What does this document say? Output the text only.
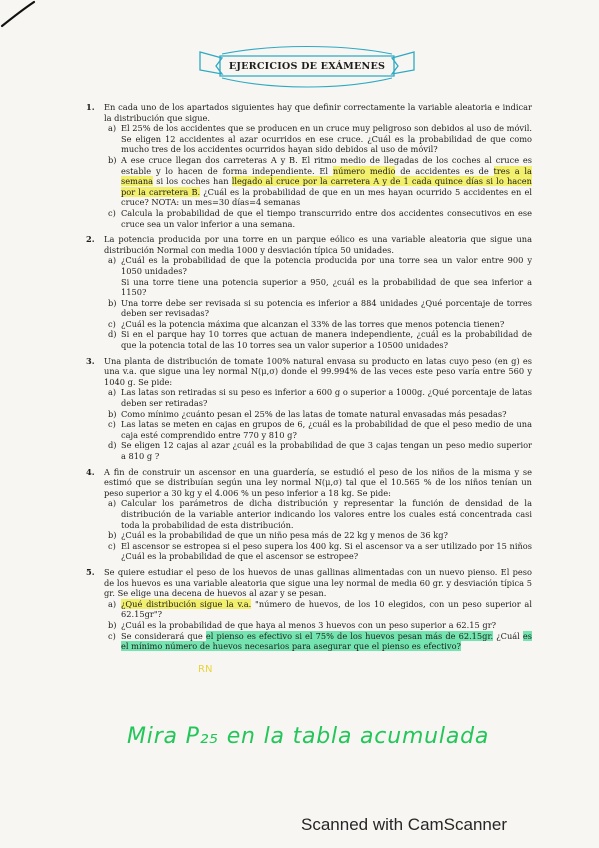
EJERCICIOS DE EXÁMENES
1. En cada uno de los apartados siguientes hay que definir correctamente la variable aleatoria e indicar la distribución que sigue.
a) El 25% de los accidentes que se producen en un cruce muy peligroso son debidos al uso de móvil. Se eligen 12 accidentes al azar ocurridos en ese cruce. ¿Cuál es la probabilidad de que como mucho tres de los accidentes ocurridos hayan sido debidos al uso de móvil?
b) A ese cruce llegan dos carreteras A y B. El ritmo medio de llegadas de los coches al cruce es estable y lo hacen de forma independiente. El número medio de accidentes es de tres a la semana si los coches han llegado al cruce por la carretera A y de 1 cada quince días si lo hacen por la carretera B. ¿Cuál es la probabilidad de que en un mes hayan ocurrido 5 accidentes en el cruce? NOTA: un mes=30 días=4 semanas
c) Calcula la probabilidad de que el tiempo transcurrido entre dos accidentes consecutivos en ese cruce sea un valor inferior a una semana.
2. La potencia producida por una torre en un parque eólico es una variable aleatoria que sigue una distribución Normal con media 1000 y desviación típica 50 unidades.
a) ¿Cuál es la probabilidad de que la potencia producida por una torre sea un valor entre 900 y 1050 unidades?
Si una torre tiene una potencia superior a 950, ¿cuál es la probabilidad de que sea inferior a 1150?
b) Una torre debe ser revisada si su potencia es inferior a 884 unidades ¿Qué porcentaje de torres deben ser revisadas?
c) ¿Cuál es la potencia máxima que alcanzan el 33% de las torres que menos potencia tienen?
d) Si en el parque hay 10 torres que actuan de manera independiente, ¿cuál es la probabilidad de que la potencia total de las 10 torres sea un valor superior a 10500 unidades?
3. Una planta de distribución de tomate 100% natural envasa su producto en latas cuyo peso (en g) es una v.a. que sigue una ley normal N(μ,σ) donde el 99.994% de las veces este peso varía entre 560 y 1040 g. Se pide:
a) Las latas son retiradas si su peso es inferior a 600 g o superior a 1000g. ¿Qué porcentaje de latas deben ser retiradas?
b) Como mínimo ¿cuánto pesan el 25% de las latas de tomate natural envasadas más pesadas?
c) Las latas se meten en cajas en grupos de 6, ¿cuál es la probabilidad de que el peso medio de una caja esté comprendido entre 770 y 810 g?
d) Se eligen 12 cajas al azar ¿cuál es la probabilidad de que 3 cajas tengan un peso medio superior a 810 g ?
4. A fin de construir un ascensor en una guardería, se estudió el peso de los niños de la misma y se estimó que se distribuían según una ley normal N(μ,σ) tal que el 10.565 % de los niños tenían un peso superior a 30 kg y el 4.006 % un peso inferior a 18 kg. Se pide:
a) Calcular los parámetros de dicha distribución y representar la función de densidad de la distribución de la variable anterior indicando los valores entre los cuales está concentrada casi toda la probabilidad de esta distribución.
b) ¿Cuál es la probabilidad de que un niño pesa más de 22 kg y menos de 36 kg?
c) El ascensor se estropea si el peso supera los 400 kg. Si el ascensor va a ser utilizado por 15 niños ¿Cuál es la probabilidad de que el ascensor se estropee?
5. Se quiere estudiar el peso de los huevos de unas gallinas alimentadas con un nuevo pienso. El peso de los huevos es una variable aleatoria que sigue una ley normal de media 60 gr. y desviación típica 5 gr. Se elige una decena de huevos al azar y se pesan.
a) ¿Qué distribución sigue la v.a. "número de huevos, de los 10 elegidos, con un peso superior al 62.15gr"?
b) ¿Cuál es la probabilidad de que haya al menos 3 huevos con un peso superior a 62.15 gr?
c) Se considerará que el pienso es efectivo si el 75% de los huevos pesan más de 62.15gr. ¿Cuál es el mínimo número de huevos necesarios para asegurar que el pienso es efectivo?
RN
Mira P₂₅ en la tabla acumulada
Scanned with CamScanner
